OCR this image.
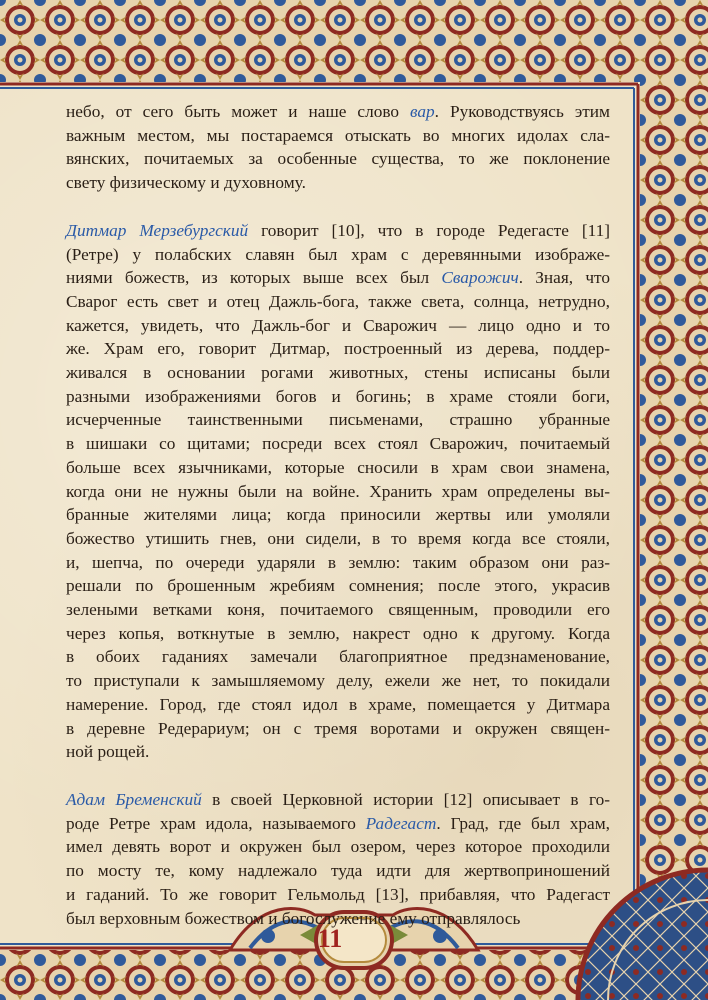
небо, от сего быть может и наше слово вар. Руководствуясь этим
важным местом, мы постараемся отыскать во многих идолах сла-
вянских, почитаемых за особенные существа, то же поклонение
свету физическому и духовному.

Дитмар Мерзебургский говорит [10], что в городе Редегасте [11]
(Ретре) у полабских славян был храм с деревянными изображе-
ниями божеств, из которых выше всех был Сварожич. Зная, что
Сварог есть свет и отец Дажль-бога, также света, солнца, нетрудно,
кажется, увидеть, что Дажль-бог и Сварожич — лицо одно и то
же. Храм его, говорит Дитмар, построенный из дерева, поддер-
живался в основании рогами животных, стены исписаны были
разными изображениями богов и богинь; в храме стояли боги,
исчерченные таинственными письменами, страшно убранные
в шишаки со щитами; посреди всех стоял Сварожич, почитаемый
больше всех язычниками, которые сносили в храм свои знамена,
когда они не нужны были на войне. Хранить храм определены вы-
бранные жителями лица; когда приносили жертвы или умоляли
божество утишить гнев, они сидели, в то время когда все стояли,
и, шепча, по очереди ударяли в землю: таким образом они раз-
решали по брошенным жребиям сомнения; после этого, украсив
зелеными ветками коня, почитаемого священным, проводили его
через копья, воткнутые в землю, накрест одно к другому. Когда
в обоих гаданиях замечали благоприятное предзнаменование,
то приступали к замышляемому делу, ежели же нет, то покидали
намерение. Город, где стоял идол в храме, помещается у Дитмара
в деревне Редерариум; он с тремя воротами и окружен священ-
ной рощей.

Адам Бременский в своей Церковной истории [12] описывает в го-
роде Ретре храм идола, называемого Радегаст. Град, где был храм,
имел девять ворот и окружен был озером, через которое проходили
по мосту те, кому надлежало туда идти для жертвоприношений
и гаданий. То же говорит Гельмольд [13], прибавляя, что Радегаст
был верховным божеством и богослужение ему отправлялось

11
